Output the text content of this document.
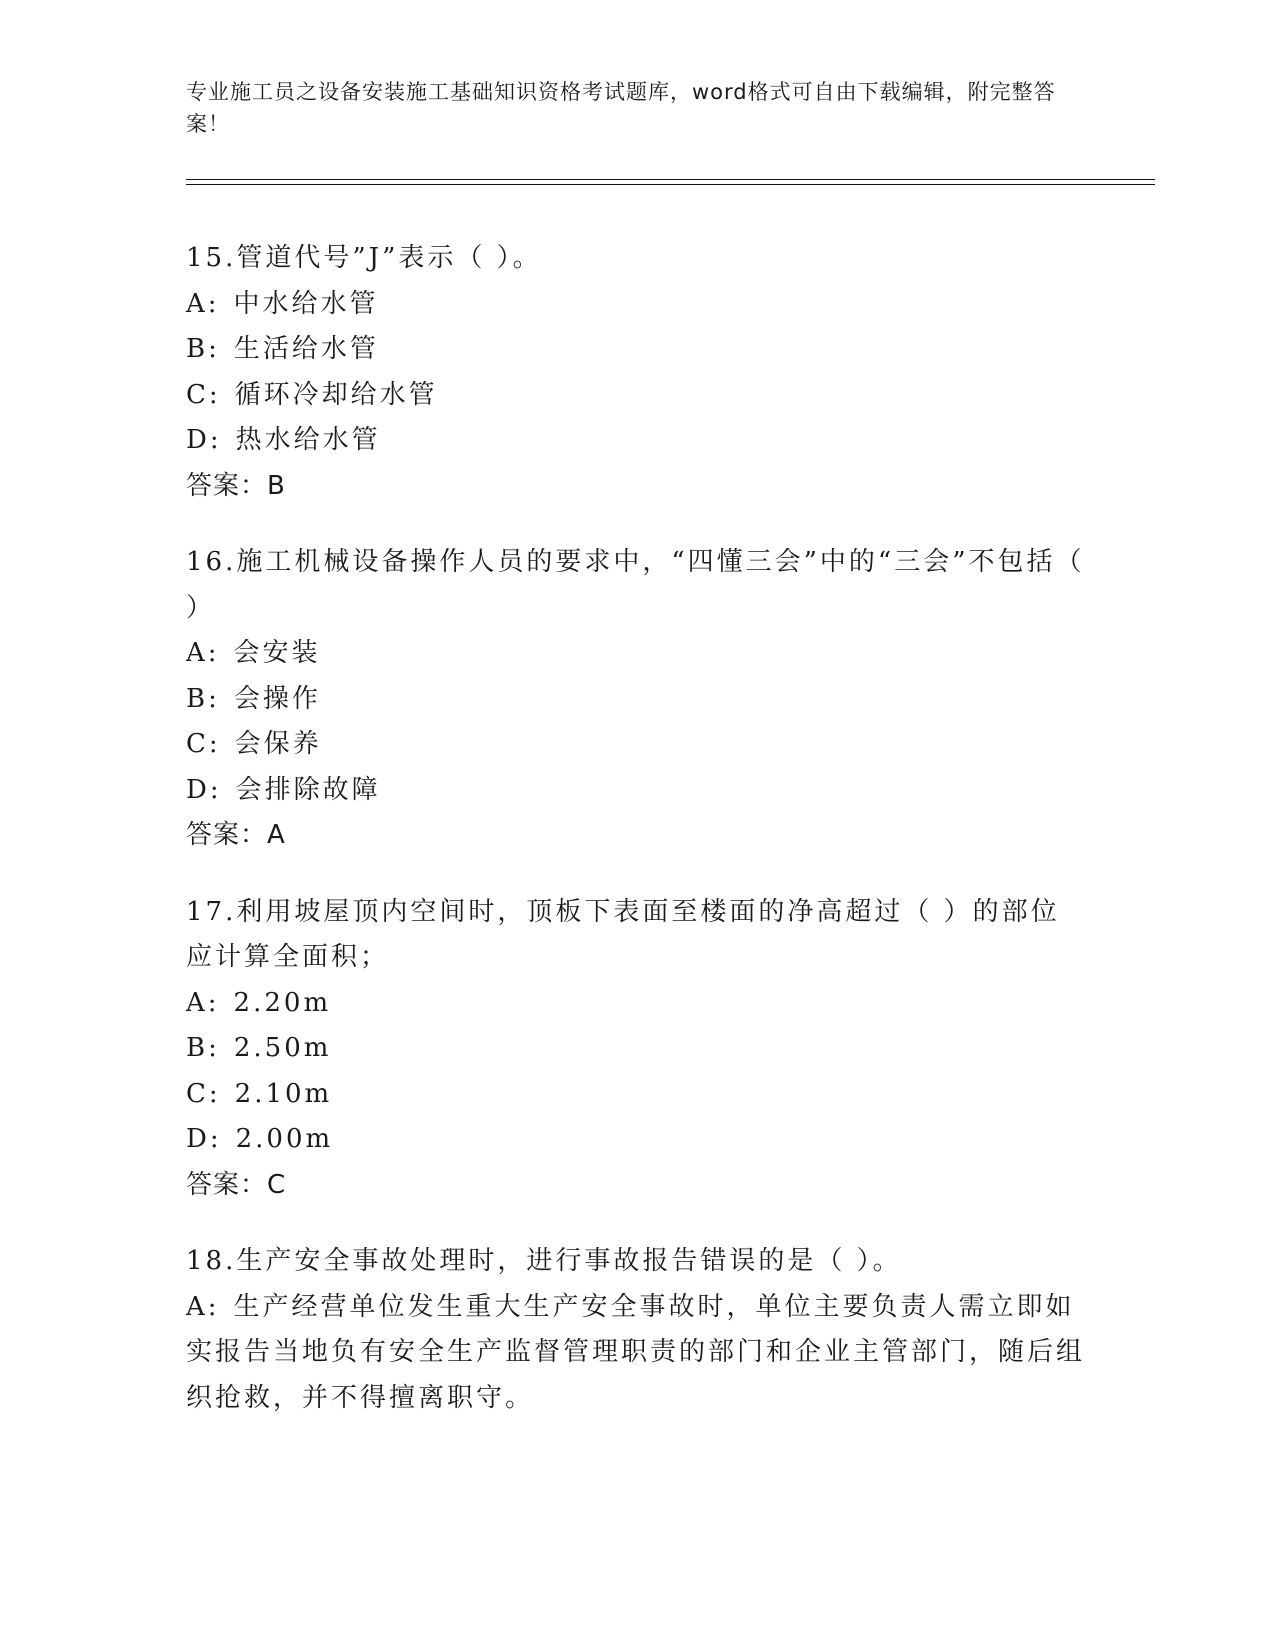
专业施工员之设备安装施工基础知识资格考试题库，word格式可自由下载编辑，附完整答案！
15.管道代号”J”表示（ ）。
A: 中水给水管
B: 生活给水管
C: 循环冷却给水管
D: 热水给水管
答案：B
16.施工机械设备操作人员的要求中，“四懂三会”中的“三会”不包括（ ）
A: 会安装
B: 会操作
C: 会保养
D: 会排除故障
答案：A
17.利用坡屋顶内空间时，顶板下表面至楼面的净高超过（ ）的部位应计算全面积；
A: 2.20m
B: 2.50m
C: 2.10m
D: 2.00m
答案：C
18.生产安全事故处理时，进行事故报告错误的是（ ）。
A: 生产经营单位发生重大生产安全事故时，单位主要负责人需立即如实报告当地负有安全生产监督管理职责的部门和企业主管部门，随后组织抢救，并不得擅离职守。
